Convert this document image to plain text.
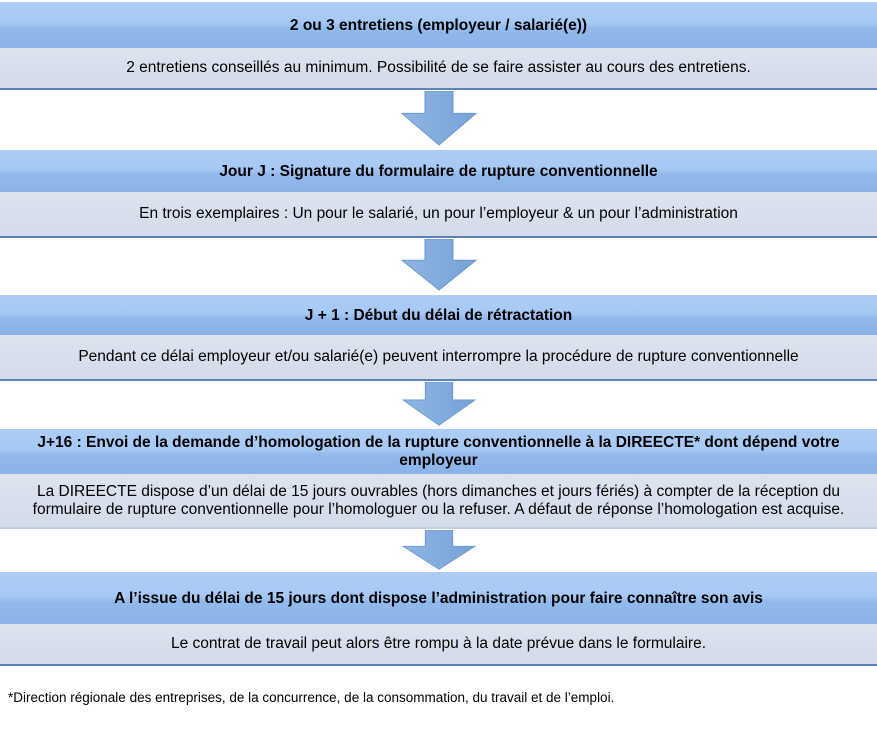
2 ou 3 entretiens (employeur / salarié(e))
2 entretiens conseillés au minimum. Possibilité de se faire assister au cours des entretiens.
Jour J : Signature du formulaire de rupture conventionnelle
En trois exemplaires : Un pour le salarié, un pour l’employeur & un pour l’administration
J + 1 : Début du délai de rétractation
Pendant ce délai employeur et/ou salarié(e) peuvent interrompre la procédure de rupture conventionnelle
J+16 : Envoi de la demande d’homologation de la rupture conventionnelle à la DIREECTE* dont dépend votre employeur
La DIREECTE dispose d’un délai de 15 jours ouvrables (hors dimanches et jours fériés) à compter de la réception du formulaire de rupture conventionnelle pour l’homologuer ou la refuser. A défaut de réponse l’homologation est acquise.
A l’issue du délai de 15 jours dont dispose l’administration pour faire connaître son avis
Le contrat de travail peut alors être rompu à la date prévue dans le formulaire.
*Direction régionale des entreprises, de la concurrence, de la consommation, du travail et de l’emploi.
